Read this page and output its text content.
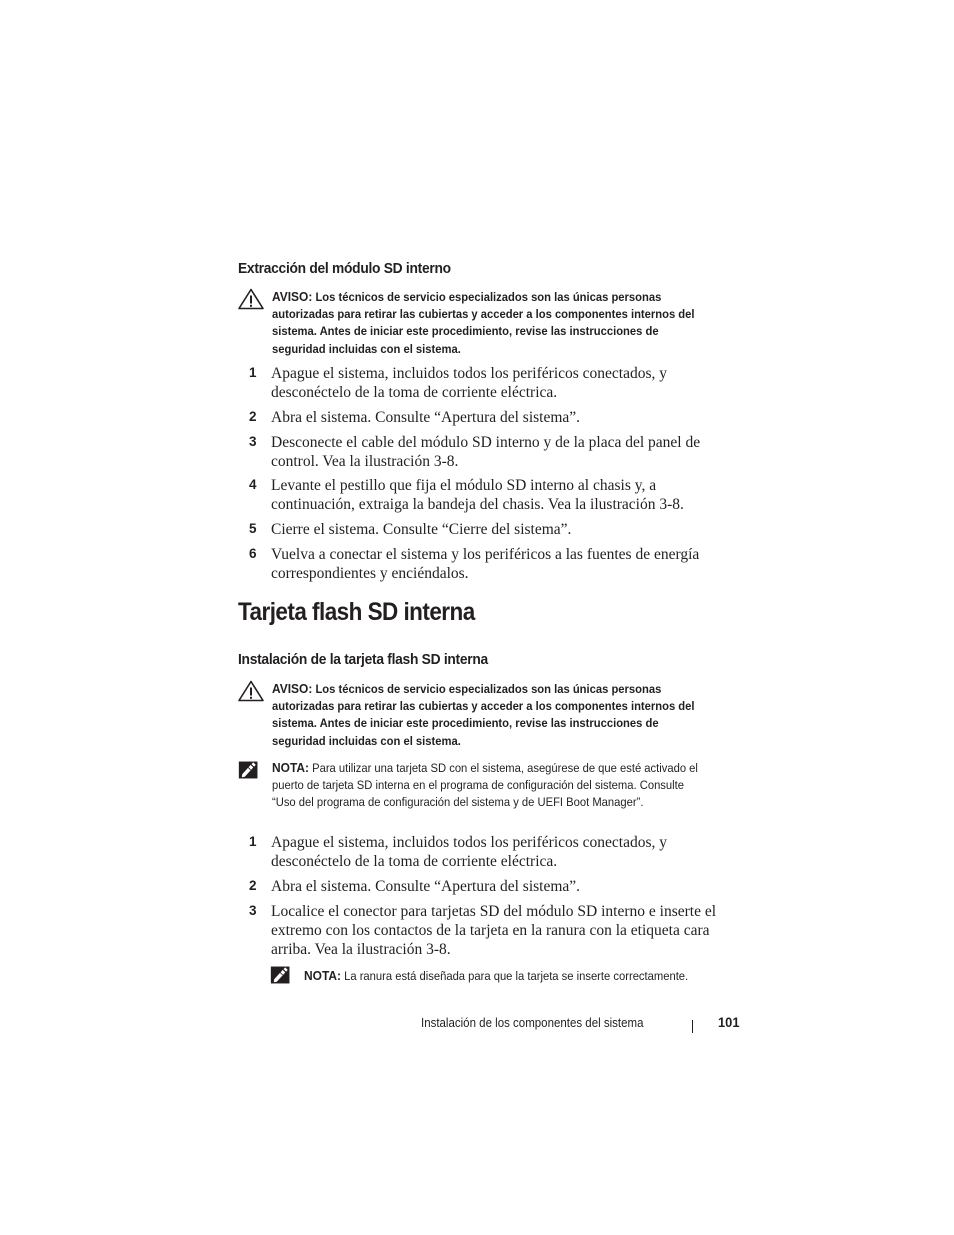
Extracción del módulo SD interno
AVISO: Los técnicos de servicio especializados son las únicas personas autorizadas para retirar las cubiertas y acceder a los componentes internos del sistema. Antes de iniciar este procedimiento, revise las instrucciones de seguridad incluidas con el sistema.
1 Apague el sistema, incluidos todos los periféricos conectados, y desconéctelo de la toma de corriente eléctrica.
2 Abra el sistema. Consulte “Apertura del sistema”.
3 Desconecte el cable del módulo SD interno y de la placa del panel de control. Vea la ilustración 3-8.
4 Levante el pestillo que fija el módulo SD interno al chasis y, a continuación, extraiga la bandeja del chasis. Vea la ilustración 3-8.
5 Cierre el sistema. Consulte “Cierre del sistema”.
6 Vuelva a conectar el sistema y los periféricos a las fuentes de energía correspondientes y enciéndalos.
Tarjeta flash SD interna
Instalación de la tarjeta flash SD interna
AVISO: Los técnicos de servicio especializados son las únicas personas autorizadas para retirar las cubiertas y acceder a los componentes internos del sistema. Antes de iniciar este procedimiento, revise las instrucciones de seguridad incluidas con el sistema.
NOTA: Para utilizar una tarjeta SD con el sistema, asegúrese de que esté activado el puerto de tarjeta SD interna en el programa de configuración del sistema. Consulte “Uso del programa de configuración del sistema y de UEFI Boot Manager”.
1 Apague el sistema, incluidos todos los periféricos conectados, y desconéctelo de la toma de corriente eléctrica.
2 Abra el sistema. Consulte “Apertura del sistema”.
3 Localice el conector para tarjetas SD del módulo SD interno e inserte el extremo con los contactos de la tarjeta en la ranura con la etiqueta cara arriba. Vea la ilustración 3-8.
NOTA: La ranura está diseñada para que la tarjeta se inserte correctamente.
Instalación de los componentes del sistema	101
